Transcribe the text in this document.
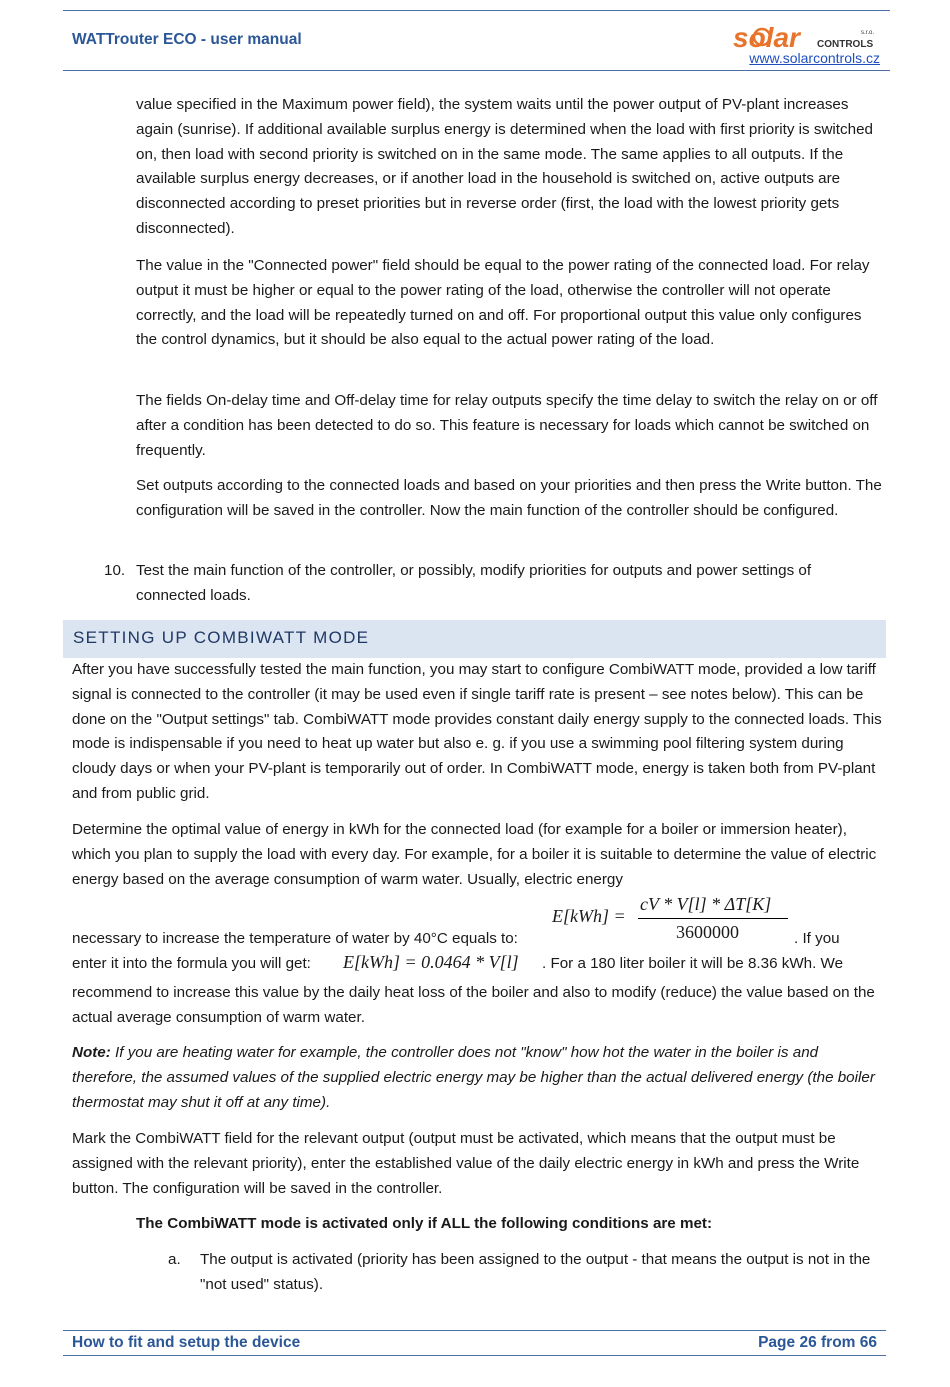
WATTrouter ECO - user manual	solar CONTROLS
s.r.o.
www.solarcontrols.cz

value specified in the Maximum power field), the system waits until the power output of PV-plant increases again (sunrise). If additional available surplus energy is determined when the load with first priority is switched on, then load with second priority is switched on in the same mode. The same applies to all outputs. If the available surplus energy decreases, or if another load in the household is switched on, active outputs are disconnected according to preset priorities but in reverse order (first, the load with the lowest priority gets disconnected).

The value in the "Connected power" field should be equal to the power rating of the connected load. For relay output it must be higher or equal to the power rating of the load, otherwise the controller will not operate correctly, and the load will be repeatedly turned on and off. For proportional output this value only configures the control dynamics, but it should be also equal to the actual power rating of the load.

The fields On-delay time and Off-delay time for relay outputs specify the time delay to switch the relay on or off after a condition has been detected to do so. This feature is necessary for loads which cannot be switched on frequently.

Set outputs according to the connected loads and based on your priorities and then press the Write button. The configuration will be saved in the controller. Now the main function of the controller should be configured.

10. Test the main function of the controller, or possibly, modify priorities for outputs and power settings of connected loads.

SETTING UP COMBIWATT MODE

After you have successfully tested the main function, you may start to configure CombiWATT mode, provided a low tariff signal is connected to the controller (it may be used even if single tariff rate is present – see notes below). This can be done on the "Output settings" tab. CombiWATT mode provides constant daily energy supply to the connected loads. This mode is indispensable if you need to heat up water but also e. g. if you use a swimming pool filtering system during cloudy days or when your PV-plant is temporarily out of order. In CombiWATT mode, energy is taken both from PV-plant and from public grid.

Determine the optimal value of energy in kWh for the connected load (for example for a boiler or immersion heater), which you plan to supply the load with every day. For example, for a boiler it is suitable to determine the value of electric energy based on the average consumption of warm water. Usually, electric energy

necessary to increase the temperature of water by 40°C equals to:
E[kWh] =
cV * V[l] * ΔT[K]
3600000	. If you
enter it into the formula you will get: E[kWh] = 0.0464 * V[l] . For a 180 liter boiler it will be 8.36 kWh. We

recommend to increase this value by the daily heat loss of the boiler and also to modify (reduce) the value based on the actual average consumption of warm water.

Note: If you are heating water for example, the controller does not "know" how hot the water in the boiler is and therefore, the assumed values of the supplied electric energy may be higher than the actual delivered energy (the boiler thermostat may shut it off at any time).

Mark the CombiWATT field for the relevant output (output must be activated, which means that the output must be assigned with the relevant priority), enter the established value of the daily electric energy in kWh and press the Write button. The configuration will be saved in the controller.

The CombiWATT mode is activated only if ALL the following conditions are met:

a. The output is activated (priority has been assigned to the output - that means the output is not in the "not used" status).

How to fit and setup the device	Page 26 from 66
